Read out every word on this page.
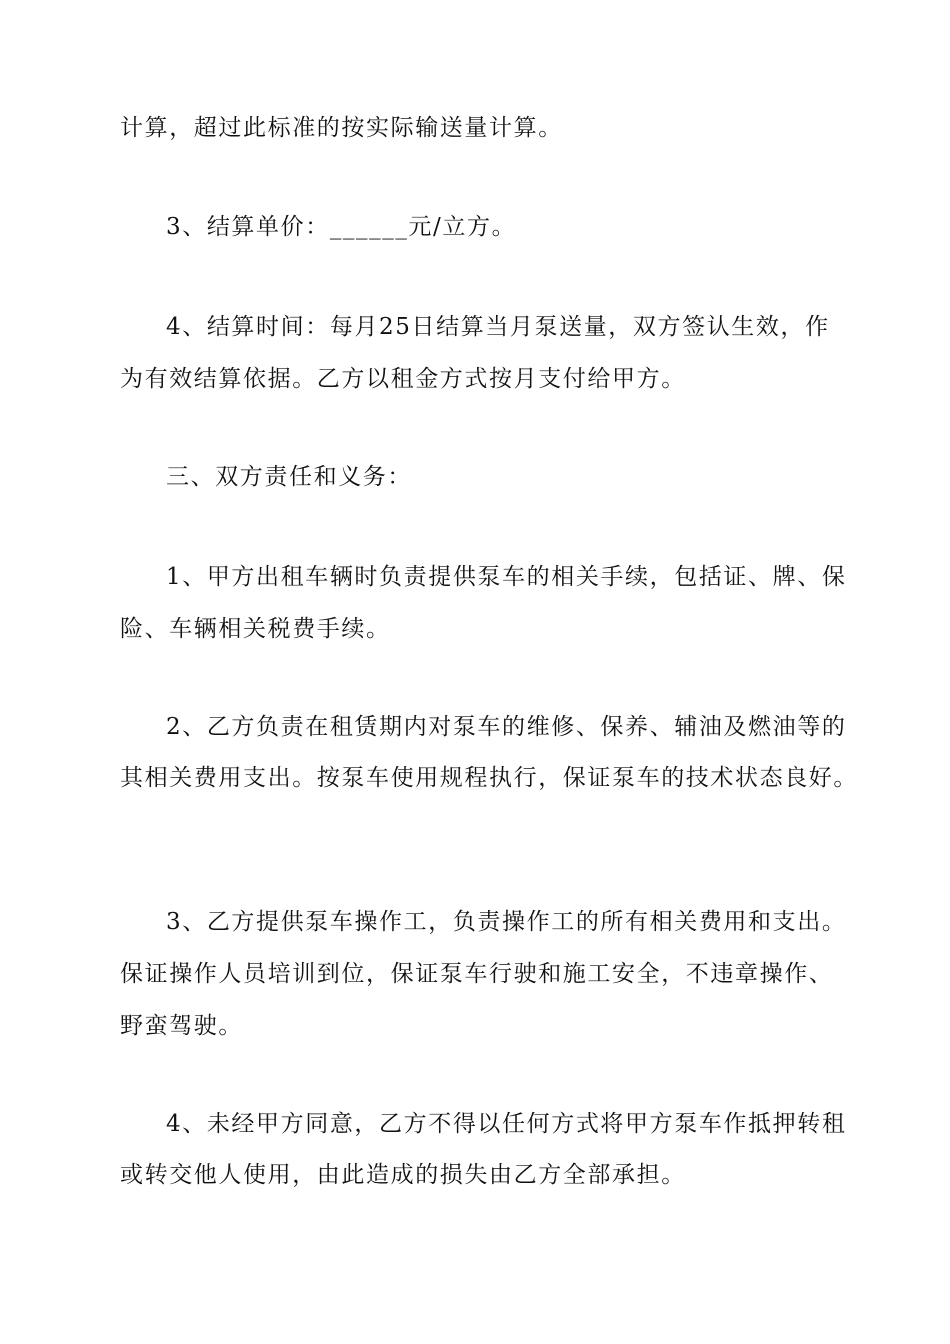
计算，超过此标准的按实际输送量计算。
3、结算单价：______元/立方。
4、结算时间：每月25日结算当月泵送量，双方签认生效，作
为有效结算依据。乙方以租金方式按月支付给甲方。
三、双方责任和义务：
1、甲方出租车辆时负责提供泵车的相关手续，包括证、牌、保
险、车辆相关税费手续。
2、乙方负责在租赁期内对泵车的维修、保养、辅油及燃油等的
其相关费用支出。按泵车使用规程执行，保证泵车的技术状态良好。
3、乙方提供泵车操作工，负责操作工的所有相关费用和支出。
保证操作人员培训到位，保证泵车行驶和施工安全，不违章操作、
野蛮驾驶。
4、未经甲方同意，乙方不得以任何方式将甲方泵车作抵押转租
或转交他人使用，由此造成的损失由乙方全部承担。
